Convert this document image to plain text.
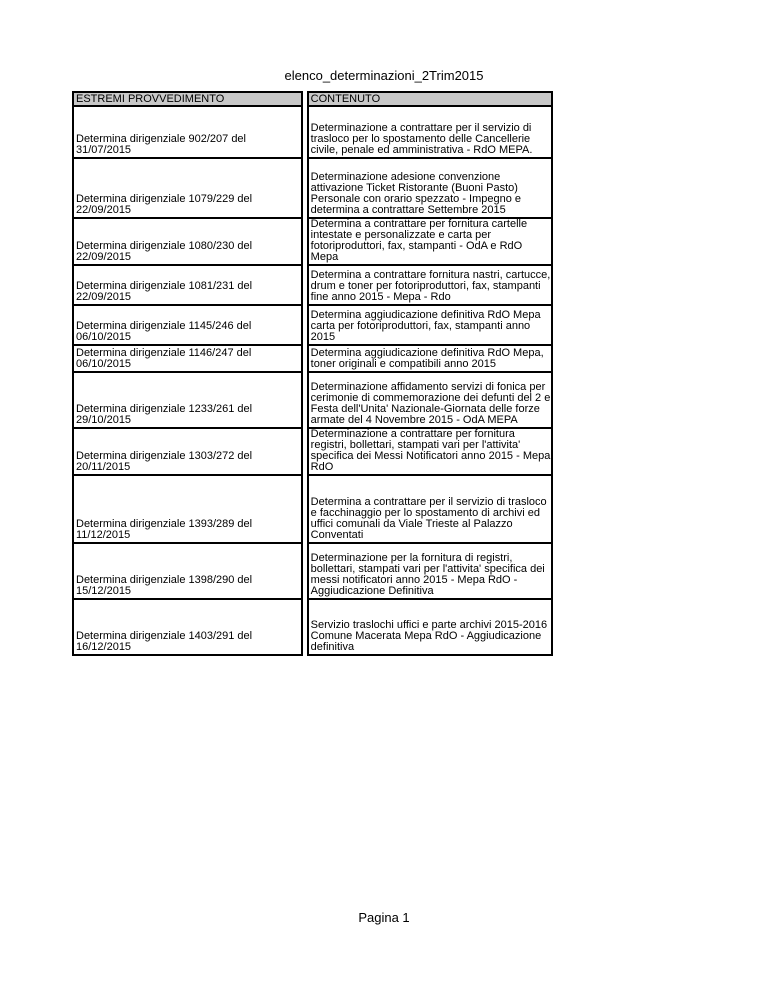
elenco_determinazioni_2Trim2015
ESTREMI PROVVEDIMENTO		CONTENUTO
Determina dirigenziale 902/207 del 31/07/2015		Determinazione a contrattare per il servizio di trasloco per lo spostamento delle Cancellerie civile, penale ed amministrativa - RdO MEPA.
Determina dirigenziale 1079/229 del 22/09/2015		Determinazione adesione convenzione attivazione Ticket Ristorante (Buoni Pasto) Personale con orario spezzato - Impegno e determina a contrattare Settembre 2015
Determina dirigenziale 1080/230 del 22/09/2015		Determina a contrattare per fornitura cartelle intestate e personalizzate e carta per fotoriproduttori, fax, stampanti - OdA e RdO Mepa
Determina dirigenziale 1081/231 del 22/09/2015		Determina a contrattare fornitura nastri, cartucce, drum e toner per fotoriproduttori, fax, stampanti fine anno 2015 - Mepa - Rdo
Determina dirigenziale 1145/246 del 06/10/2015		Determina aggiudicazione definitiva RdO Mepa carta per fotoriproduttori, fax, stampanti anno 2015
Determina dirigenziale 1146/247 del 06/10/2015		Determina aggiudicazione definitiva RdO Mepa, toner originali e compatibili anno 2015
Determina dirigenziale 1233/261 del 29/10/2015		Determinazione affidamento servizi di fonica per cerimonie di commemorazione dei defunti del 2 e Festa dell'Unita' Nazionale-Giornata delle forze armate del 4 Novembre 2015 - OdA MEPA
Determina dirigenziale 1303/272 del 20/11/2015		Determinazione a contrattare per fornitura registri, bollettari, stampati vari per l'attivita' specifica dei Messi Notificatori anno 2015 - Mepa RdO
Determina dirigenziale 1393/289 del 11/12/2015		Determina a contrattare per il servizio di trasloco e facchinaggio per lo spostamento di archivi ed uffici comunali da Viale Trieste al Palazzo Conventati
Determina dirigenziale 1398/290 del 15/12/2015		Determinazione per la fornitura di registri, bollettari, stampati vari per l'attivita' specifica dei messi notificatori anno 2015 - Mepa RdO - Aggiudicazione Definitiva
Determina dirigenziale 1403/291 del 16/12/2015		Servizio traslochi uffici e parte archivi 2015-2016 Comune Macerata Mepa RdO - Aggiudicazione definitiva
Pagina 1
